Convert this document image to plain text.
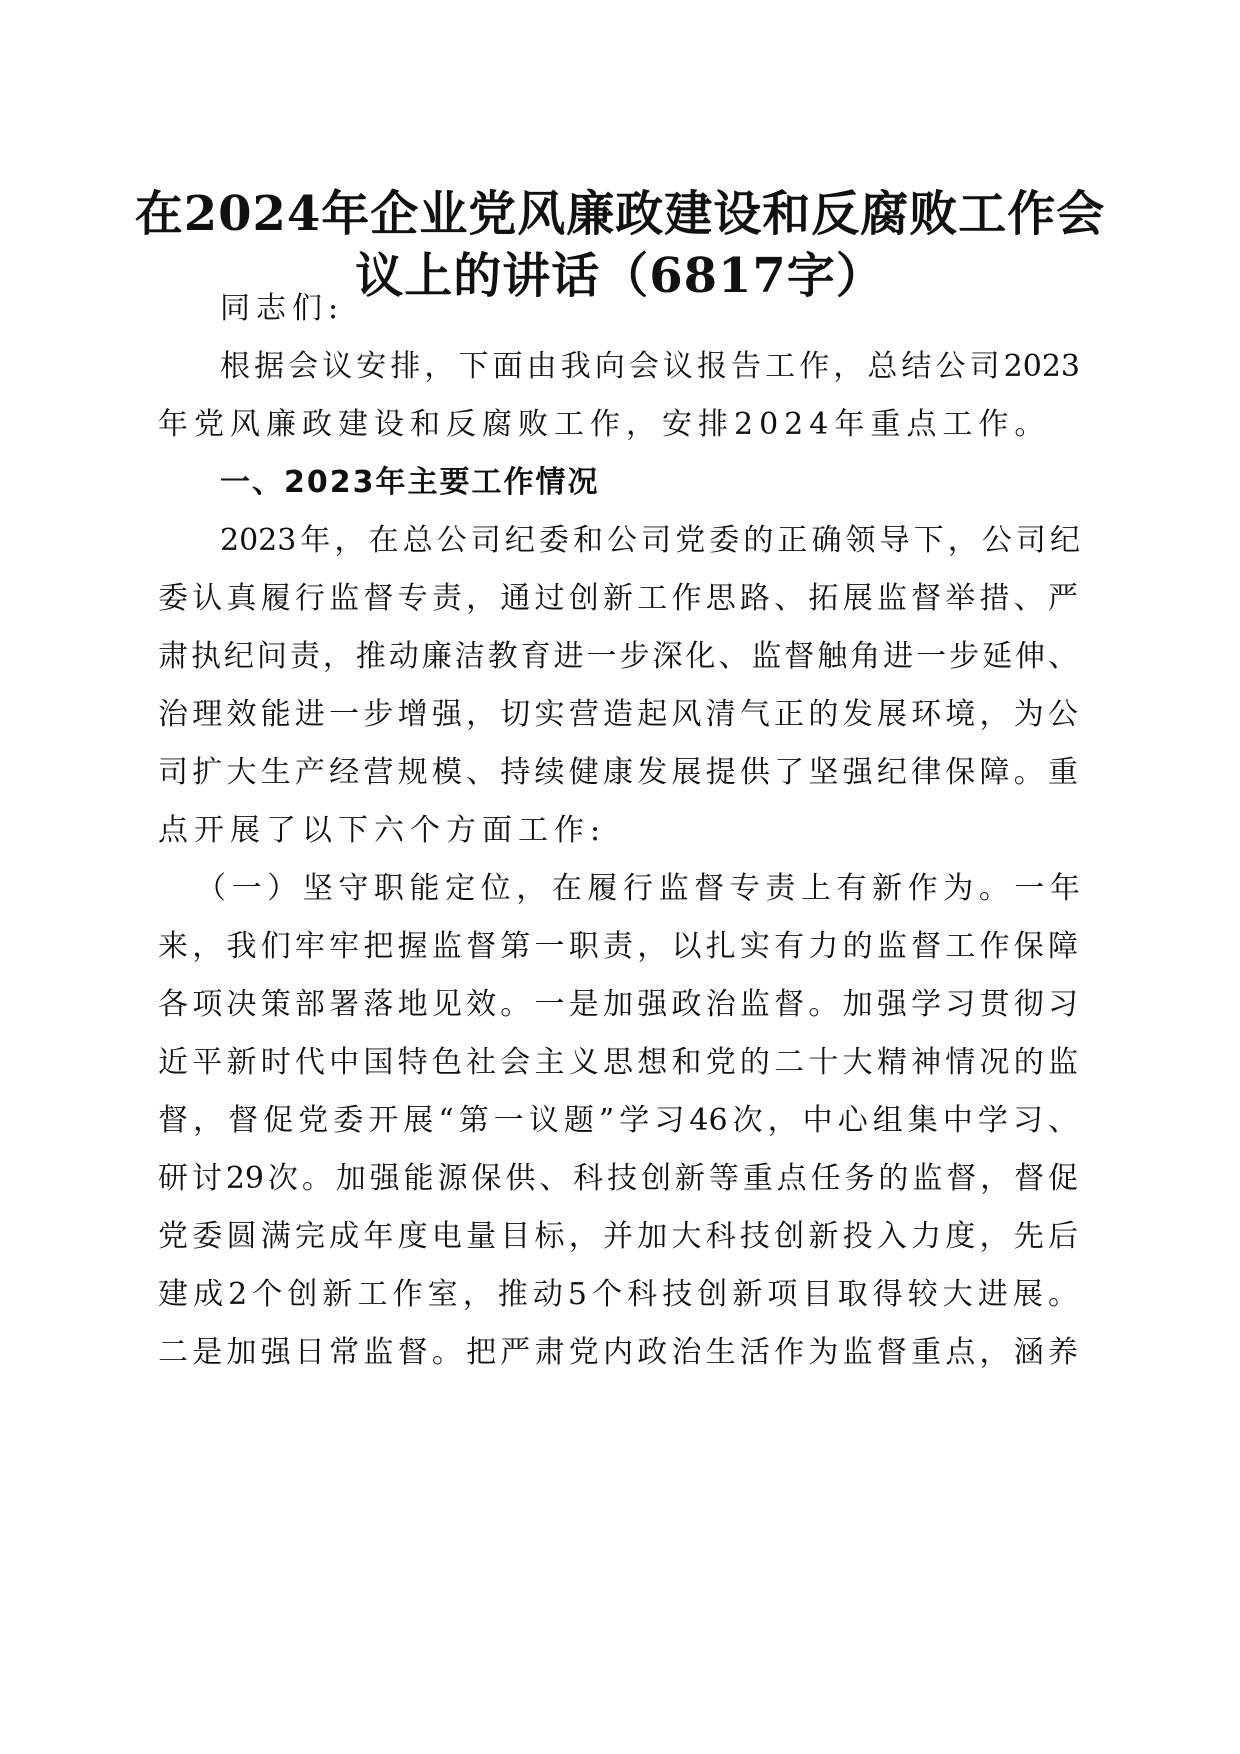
在2024年企业党风廉政建设和反腐败工作会
议上的讲话（6817字）

同志们:

根据会议安排，下面由我向会议报告工作，总结公司2023

年党风廉政建设和反腐败工作，安排2024年重点工作。

一、2023年主要工作情况

2023年，在总公司纪委和公司党委的正确领导下，公司纪

委认真履行监督专责，通过创新工作思路、拓展监督举措、严

肃执纪问责，推动廉洁教育进一步深化、监督触角进一步延伸、

治理效能进一步增强，切实营造起风清气正的发展环境，为公

司扩大生产经营规模、持续健康发展提供了坚强纪律保障。重

点开展了以下六个方面工作:

（一）坚守职能定位，在履行监督专责上有新作为。一年

来，我们牢牢把握监督第一职责，以扎实有力的监督工作保障

各项决策部署落地见效。一是加强政治监督。加强学习贯彻习

近平新时代中国特色社会主义思想和党的二十大精神情况的监

督，督促党委开展“第一议题”学习46次，中心组集中学习、

研讨29次。加强能源保供、科技创新等重点任务的监督，督促

党委圆满完成年度电量目标，并加大科技创新投入力度，先后

建成2个创新工作室，推动5个科技创新项目取得较大进展。

二是加强日常监督。把严肃党内政治生活作为监督重点，涵养
